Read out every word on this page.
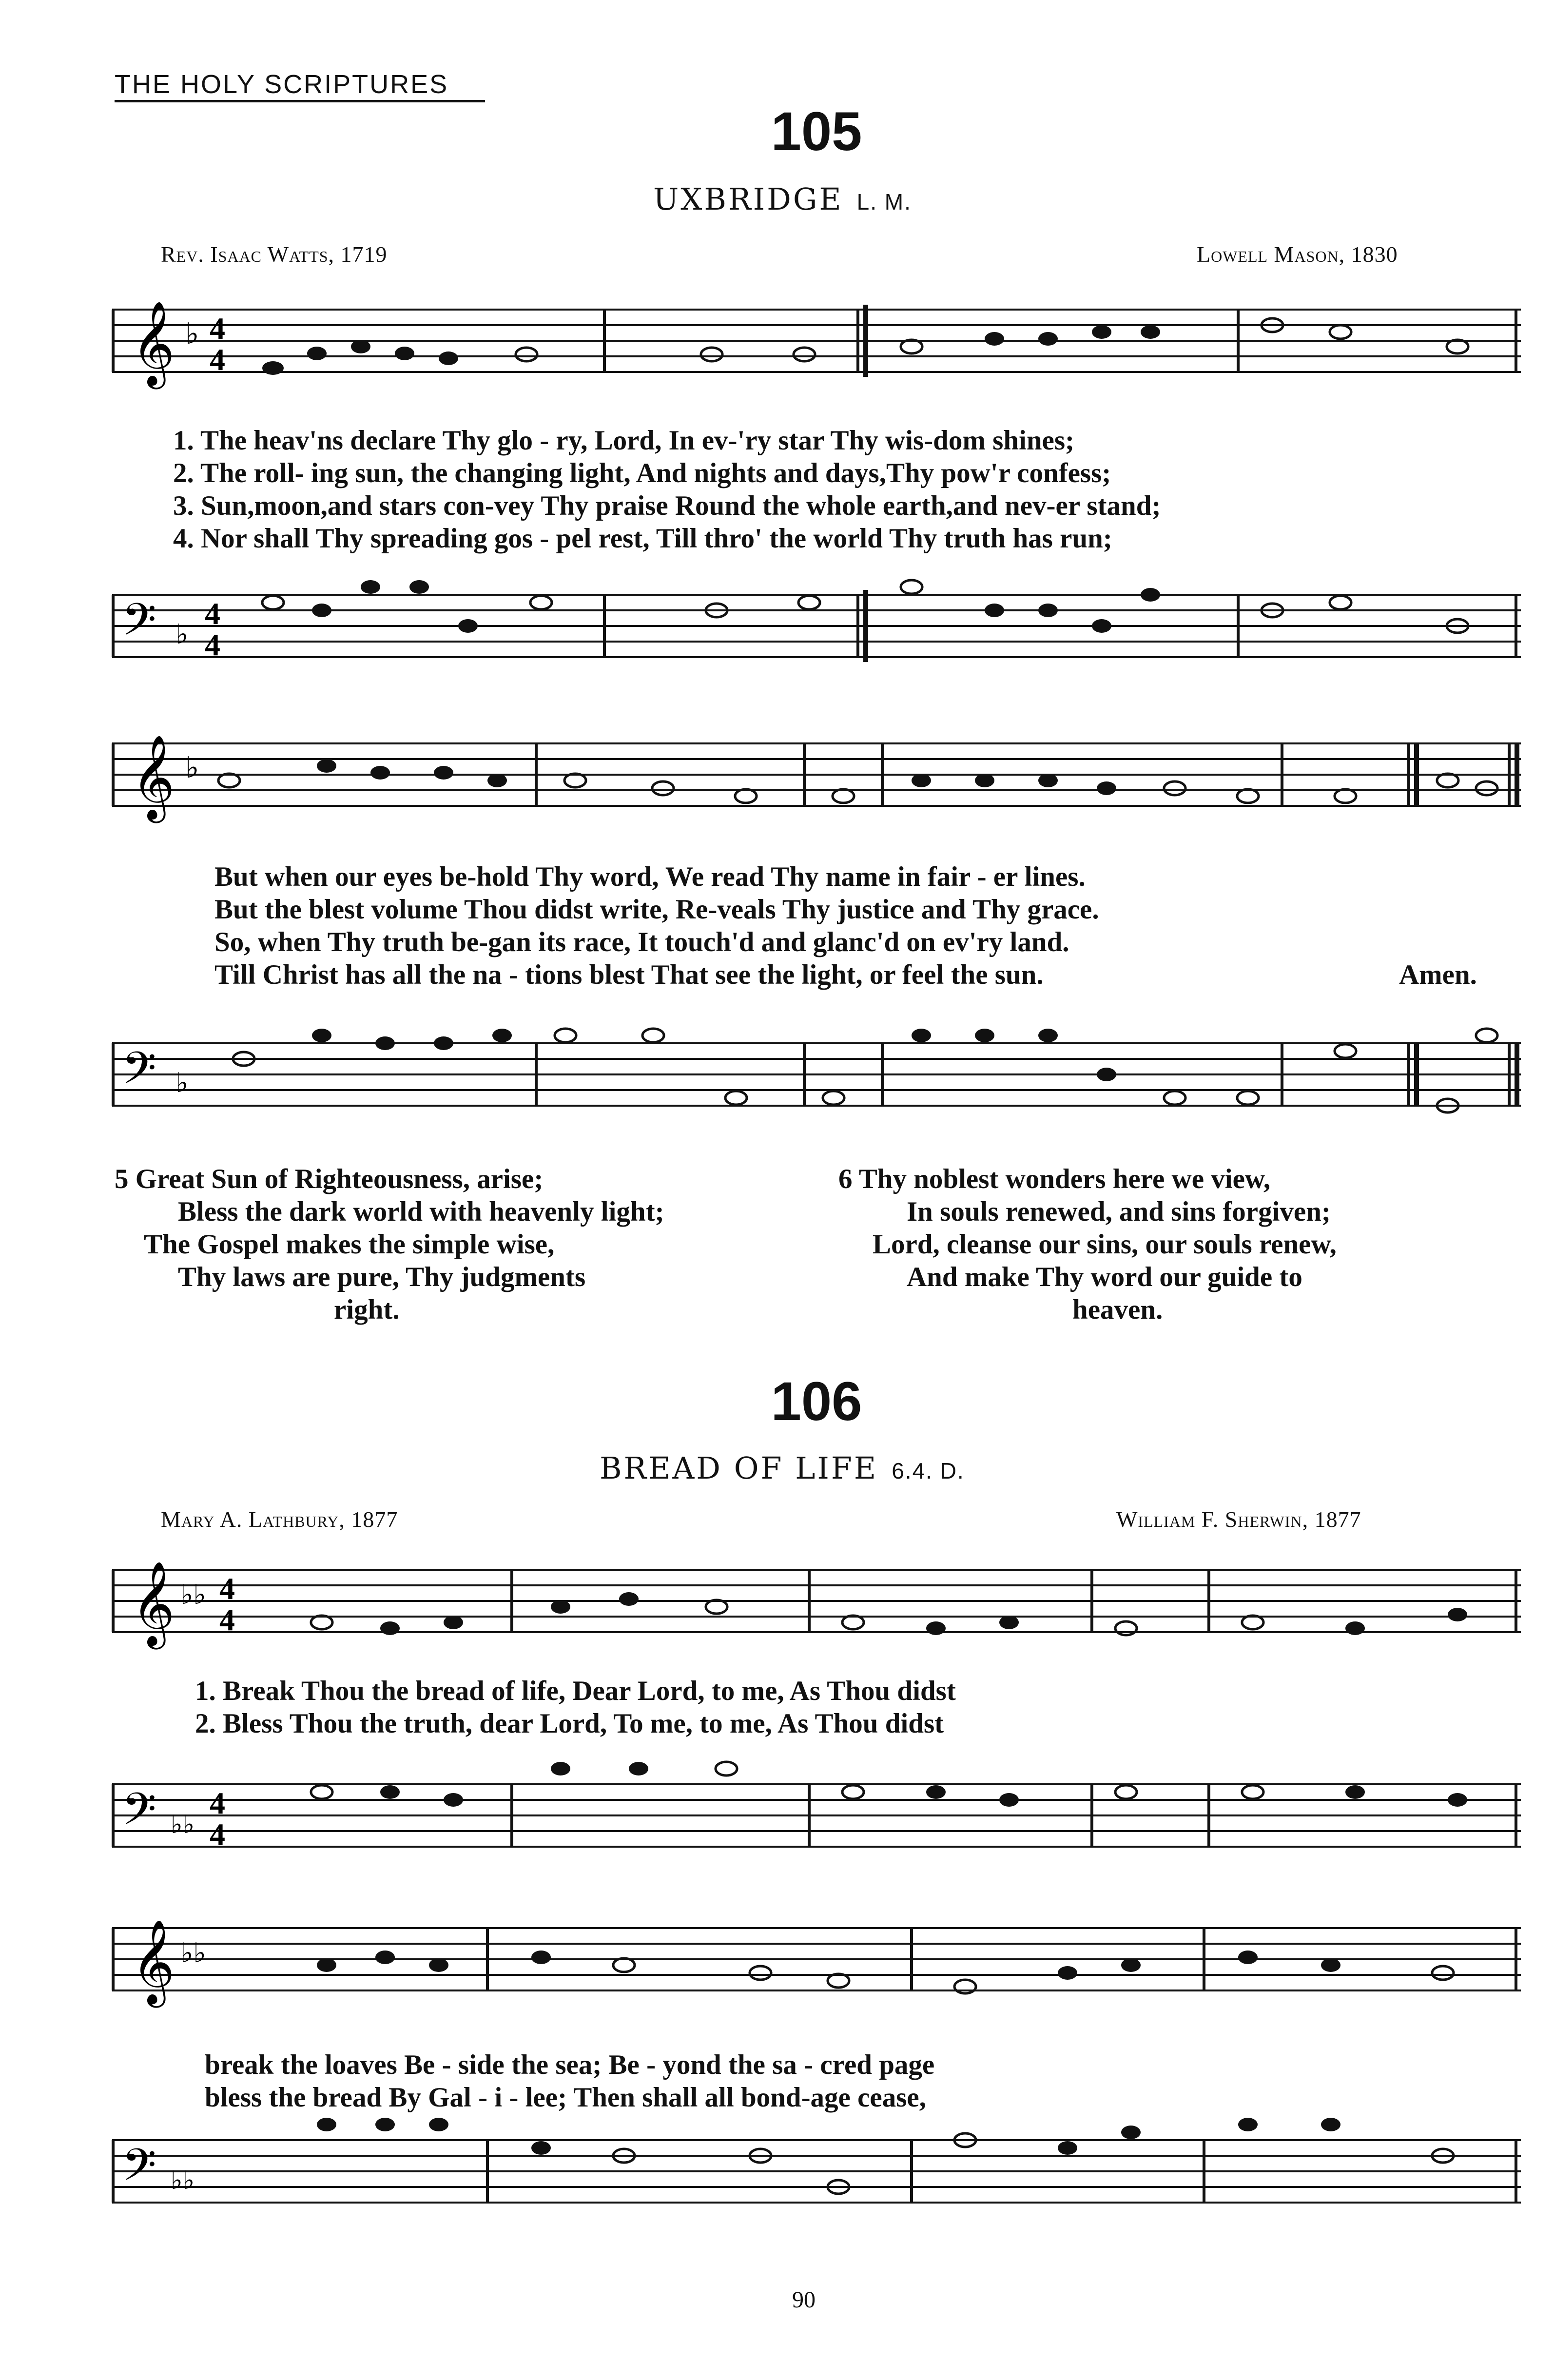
THE HOLY SCRIPTURES
105
UXBRIDGE L. M.
Rev. Isaac Watts, 1719	Lowell Mason, 1830
𝄞 ♭ 4
4
1. The heav'ns declare Thy glo - ry, Lord, In ev-'ry star Thy wis-dom shines;
2. The roll- ing sun, the changing light, And nights and days,Thy pow'r confess;
3. Sun,moon,and stars con-vey Thy praise Round the whole earth,and nev-er stand;
4. Nor shall Thy spreading gos - pel rest, Till thro' the world Thy truth has run;
𝄢 ♭
4
4
𝄞 ♭
But when our eyes be-hold Thy word, We read Thy name in fair - er lines.
But the blest volume Thou didst write, Re-veals Thy justice and Thy grace.
So, when Thy truth be-gan its race, It touch'd and glanc'd on ev'ry land.
Till Christ has all the na - tions blest That see the light, or feel the sun.	Amen.
𝄢 ♭
5 Great Sun of Righteousness, arise;
Bless the dark world with heavenly light;
The Gospel makes the simple wise,
Thy laws are pure, Thy judgments
right.
6 Thy noblest wonders here we view,
In souls renewed, and sins forgiven;
Lord, cleanse our sins, our souls renew,
And make Thy word our guide to
heaven.
106
BREAD OF LIFE 6.4. D.
Mary A. Lathbury, 1877	William F. Sherwin, 1877
𝄞 ♭♭ 4
4
1. Break Thou the bread of life, Dear Lord, to me, As Thou didst
2. Bless Thou the truth, dear Lord, To me, to me, As Thou didst
𝄢 ♭♭
4
4
𝄞 ♭♭
break the loaves Be - side the sea; Be - yond the sa - cred page
bless the bread By Gal - i - lee; Then shall all bond-age cease,
𝄢 ♭♭
90
